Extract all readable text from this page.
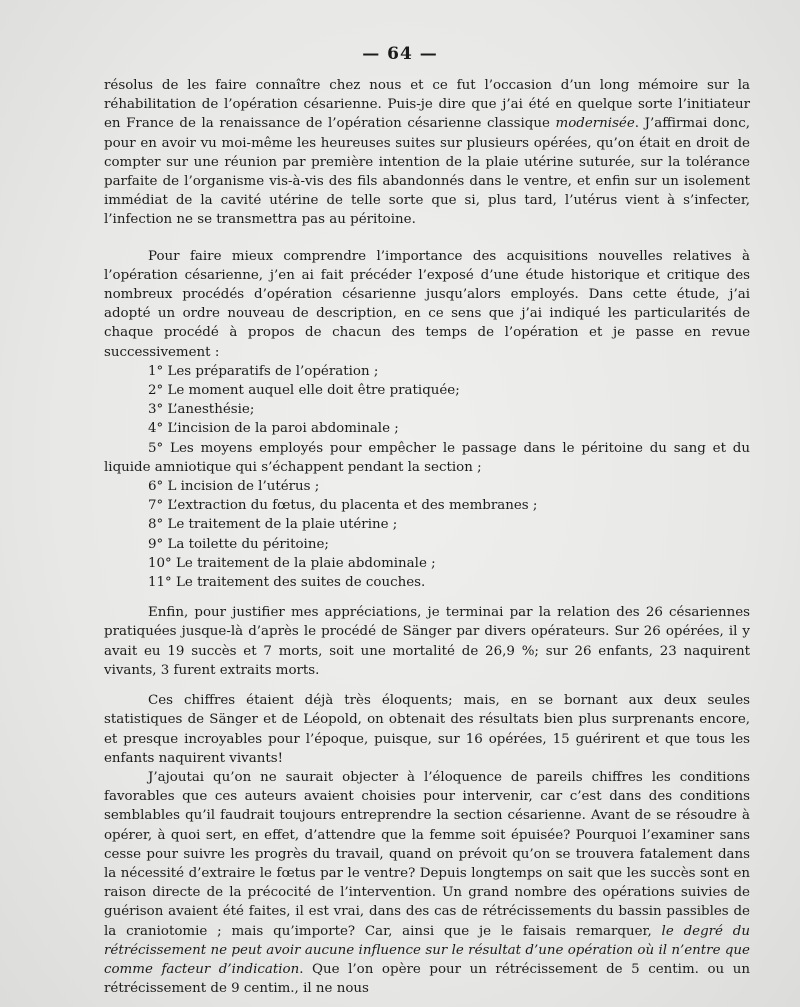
— 64 —

résolus de les faire connaître chez nous et ce fut l’occasion d’un long mémoire sur la réhabilitation de l’opération césarienne. Puis-je dire que j’ai été en quelque sorte l’initiateur en France de la renaissance de l’opération césarienne classique modernisée. J’affirmai donc, pour en avoir vu moi-même les heureuses suites sur plusieurs opérées, qu’on était en droit de compter sur une réunion par première intention de la plaie utérine suturée, sur la tolérance parfaite de l’organisme vis-à-vis des fils abandonnés dans le ventre, et enfin sur un isolement immédiat de la cavité utérine de telle sorte que si, plus tard, l’utérus vient à s’infecter, l’infection ne se transmettra pas au péritoine.

Pour faire mieux comprendre l’importance des acquisitions nouvelles relatives à l’opération césarienne, j’en ai fait précéder l’exposé d’une étude historique et critique des nombreux procédés d’opération césarienne jusqu’alors employés. Dans cette étude, j’ai adopté un ordre nouveau de description, en ce sens que j’ai indiqué les particularités de chaque procédé à propos de chacun des temps de l’opération et je passe en revue successivement :

1° Les préparatifs de l’opération ;
2° Le moment auquel elle doit être pratiquée;
3° L’anesthésie;
4° L’incision de la paroi abdominale ;
5° Les moyens employés pour empêcher le passage dans le péritoine du sang et du liquide amniotique qui s’échappent pendant la section ;
6° L incision de l’utérus ;
7° L’extraction du fœtus, du placenta et des membranes ;
8° Le traitement de la plaie utérine ;
9° La toilette du péritoine;
10° Le traitement de la plaie abdominale ;
11° Le traitement des suites de couches.

Enfin, pour justifier mes appréciations, je terminai par la relation des 26 césariennes pratiquées jusque-là d’après le procédé de Sänger par divers opérateurs. Sur 26 opérées, il y avait eu 19 succès et 7 morts, soit une mortalité de 26,9 %; sur 26 enfants, 23 naquirent vivants, 3 furent extraits morts.

Ces chiffres étaient déjà très éloquents; mais, en se bornant aux deux seules statistiques de Sänger et de Léopold, on obtenait des résultats bien plus surprenants encore, et presque incroyables pour l’époque, puisque, sur 16 opérées, 15 guérirent et que tous les enfants naquirent vivants!

J’ajoutai qu’on ne saurait objecter à l’éloquence de pareils chiffres les conditions favorables que ces auteurs avaient choisies pour intervenir, car c’est dans des conditions semblables qu’il faudrait toujours entreprendre la section césarienne. Avant de se résoudre à opérer, à quoi sert, en effet, d’attendre que la femme soit épuisée? Pourquoi l’examiner sans cesse pour suivre les progrès du travail, quand on prévoit qu’on se trouvera fatalement dans la nécessité d’extraire le fœtus par le ventre? Depuis longtemps on sait que les succès sont en raison directe de la précocité de l’intervention. Un grand nombre des opérations suivies de guérison avaient été faites, il est vrai, dans des cas de rétrécissements du bassin passibles de la craniotomie ; mais qu’importe? Car, ainsi que je le faisais remarquer, le degré du rétrécissement ne peut avoir aucune influence sur le résultat d’une opération où il n’entre que comme facteur d’indication. Que l’on opère pour un rétrécissement de 5 centim. ou un rétrécissement de 9 centim., il ne nous
